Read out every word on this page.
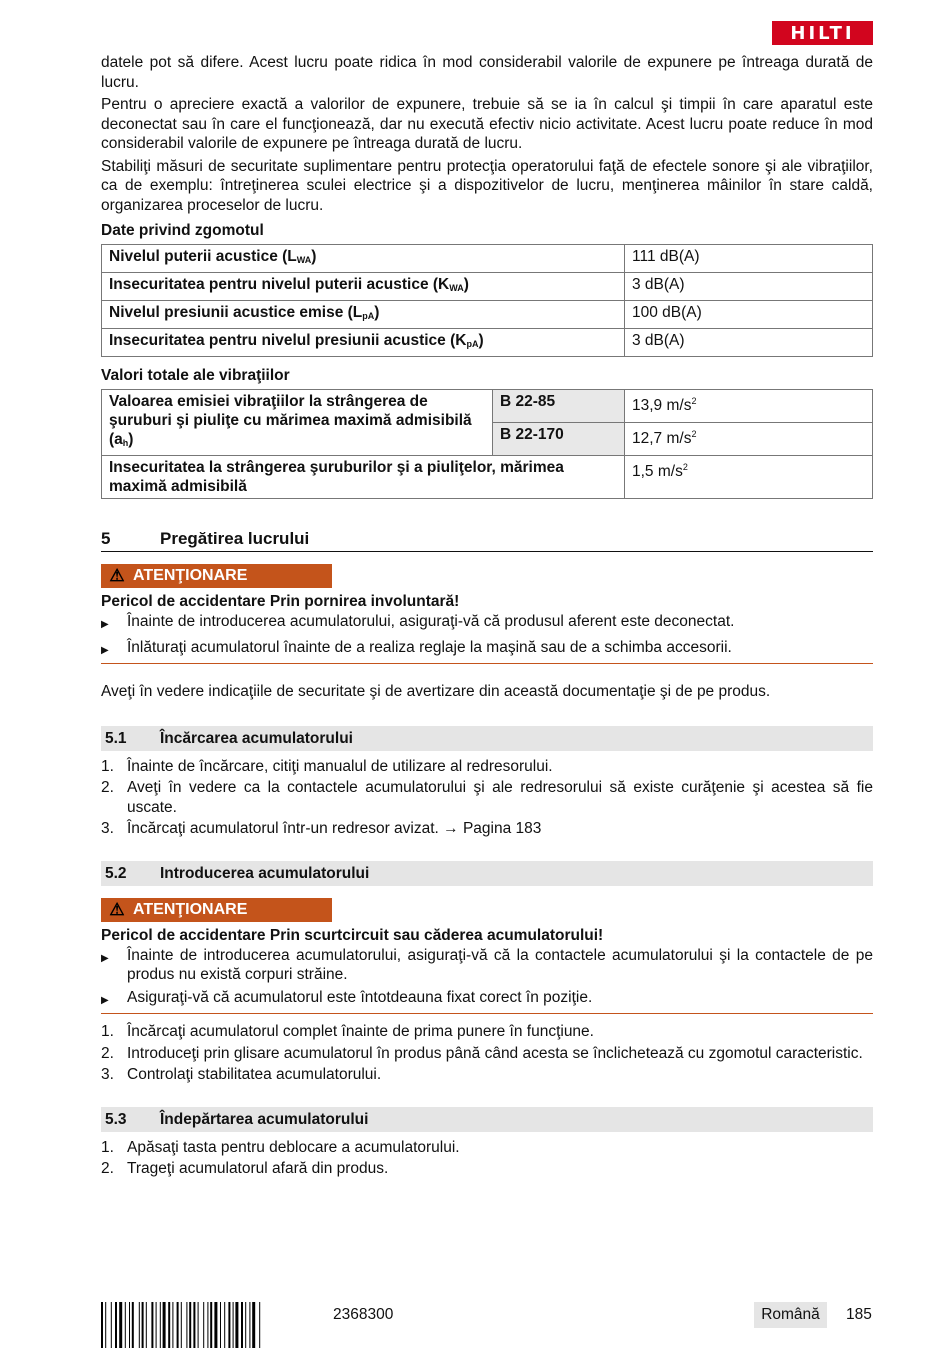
HILTI

datele pot să difere. Acest lucru poate ridica în mod considerabil valorile de expunere pe întreaga durată de lucru.

Pentru o apreciere exactă a valorilor de expunere, trebuie să se ia în calcul şi timpii în care aparatul este deconectat sau în care el funcţionează, dar nu execută efectiv nicio activitate. Acest lucru poate reduce în mod considerabil valorile de expunere pe întreaga durată de lucru.

Stabiliţi măsuri de securitate suplimentare pentru protecţia operatorului faţă de efectele sonore şi ale vibraţiilor, ca de exemplu: întreţinerea sculei electrice şi a dispozitivelor de lucru, menţinerea mâinilor în stare caldă, organizarea proceselor de lucru.

Date privind zgomotul
Nivelul puterii acustice $(L_{WA})$	111 dB(A)
Insecuritatea pentru nivelul puterii acustice $(K_{WA})$	3 dB(A)
Nivelul presiunii acustice emise $(L_{pA})$	100 dB(A)
Insecuritatea pentru nivelul presiunii acustice $(K_{pA})$	3 dB(A)
Valori totale ale vibraţiilor
Valoarea emisiei vibraţiilor la strângerea de şuruburi şi piuliţe cu mărimea maximă admisibilă $(a_h)$	B 22-85	13,9 $m/s^2$
	B 22-170	12,7 $m/s^2$
Insecuritatea la strângerea şuruburilor şi a piuliţelor, mărimea maximă admisibilă		1,5 $m/s^2$
5	Pregătirea lucrului
⚠ ATENŢIONARE
Pericol de accidentare Prin pornirea involuntară!
▶	Înainte de introducerea acumulatorului, asiguraţi-vă că produsul aferent este deconectat.
▶	Înlăturaţi acumulatorul înainte de a realiza reglaje la maşină sau de a schimba accesorii.

Aveţi în vedere indicaţiile de securitate şi de avertizare din această documentaţie şi de pe produs.

5.1	Încărcarea acumulatorului
1. Înainte de încărcare, citiţi manualul de utilizare al redresorului.
2. Aveţi în vedere ca la contactele acumulatorului şi ale redresorului să existe curăţenie şi acestea să fie uscate.
3. Încărcaţi acumulatorul într-un redresor avizat. → Pagina 183
5.2	Introducerea acumulatorului
⚠ ATENŢIONARE
Pericol de accidentare Prin scurtcircuit sau căderea acumulatorului!
▶	Înainte de introducerea acumulatorului, asiguraţi-vă că la contactele acumulatorului şi la contactele de pe produs nu există corpuri străine.
▶	Asiguraţi-vă că acumulatorul este întotdeauna fixat corect în poziţie.
1. Încărcaţi acumulatorul complet înainte de prima punere în funcţiune.
2. Introduceţi prin glisare acumulatorul în produs până când acesta se înclichetează cu zgomotul caracteristic.
3. Controlaţi stabilitatea acumulatorului.
5.3	Îndepărtarea acumulatorului
1. Apăsaţi tasta pentru deblocare a acumulatorului.
2. Trageţi acumulatorul afară din produs.
2368300	Română	185
